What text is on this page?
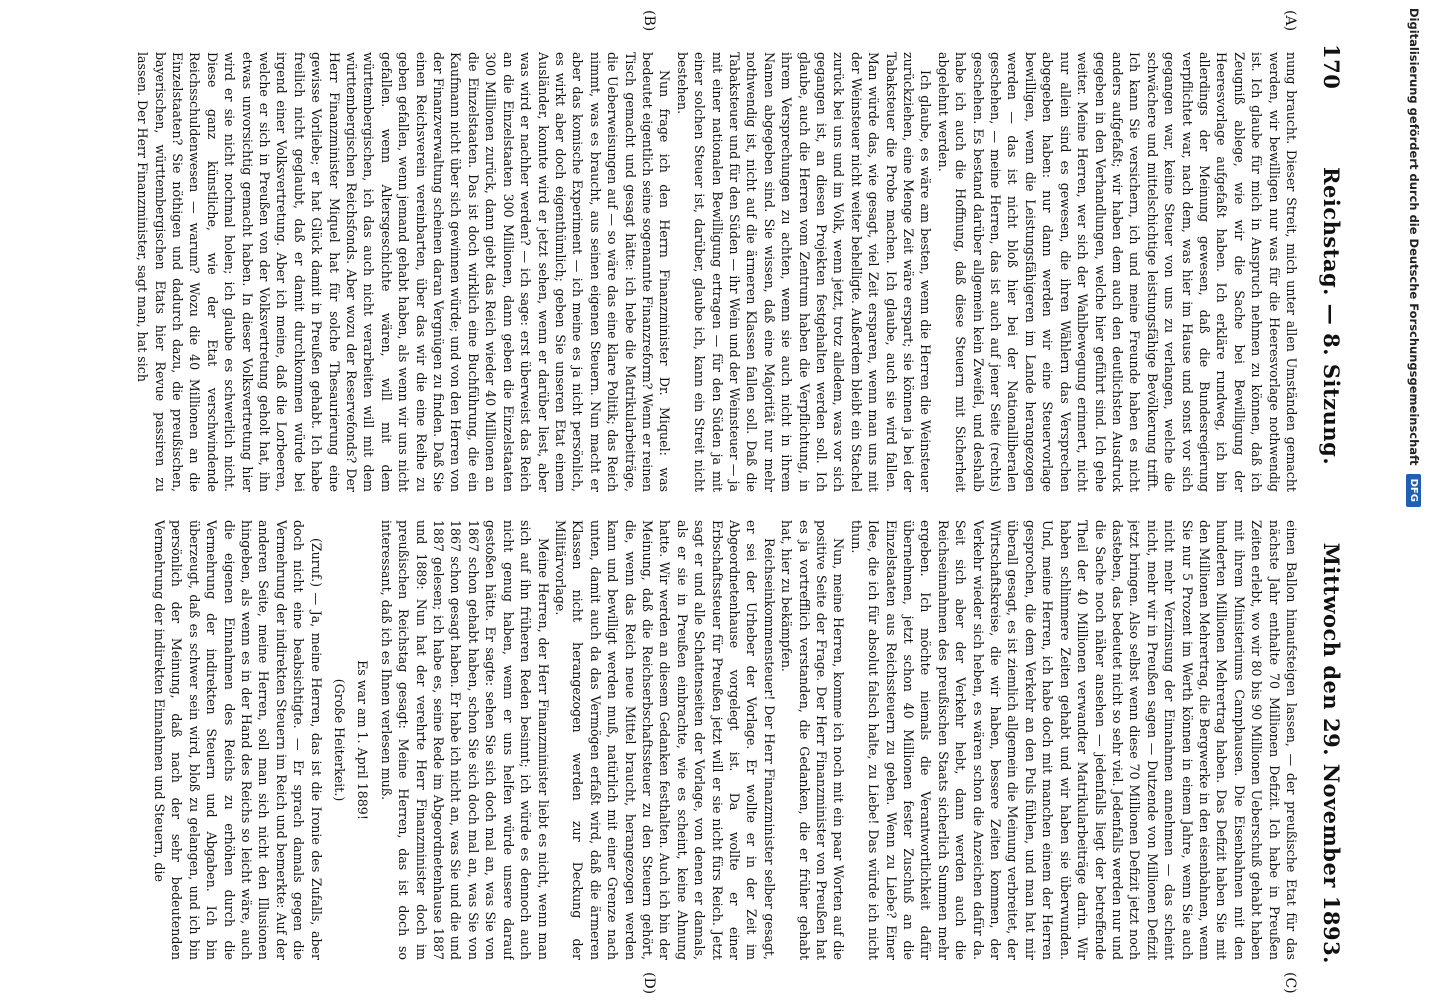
170
Reichstag. — 8. Sitzung.
Mittwoch den 29. November 1893.
(A)
(B)
(C)
(D)

nung braucht. Dieser Streit, mich unter allen Umständen gemacht werden, wir bewilligen nur was für die Heeresvorlage nothwendig ist. Ich glaube für mich in Anspruch nehmen zu können, daß ich Zeugniß ablege, wie wir die Sache bei Bewilligung der Heeresvorlage aufgefaßt haben. Ich erkläre rundweg, ich bin allerdings der Meinung gewesen, daß die Bundesregierung verpflichtet war, nach dem, was hier im Hause und sonst vor sich gegangen war, keine Steuer von uns zu verlangen, welche die schwächere und mittelschichtige leistungsfähige Bevölkerung trifft. Ich kann Sie versichern, ich und meine Freunde haben es nicht anders aufgefaßt; wir haben dem auch den deutlichsten Ausdruck gegeben in den Verhandlungen, welche hier geführt sind. Ich gehe weiter. Meine Herren, wer sich der Wahlbewegung erinnert, nicht nur allein sind es gewesen, die ihren Wählern das Versprechen abgegeben haben: nur dann werden wir eine Steuervorlage bewilligen, wenn die Leistungsfähigeren im Lande herangezogen werden — das ist nicht bloß hier bei der Nationalliberalen geschehen, — meine Herren, das ist auch auf jener Seite (rechts) geschehen. Es bestand darüber allgemein kein Zweifel, und deshalb habe ich auch die Hoffnung, daß diese Steuern mit Sicherheit abgelehnt werden.

Ich glaube, es wäre am besten, wenn die Herren die Weinsteuer zurückziehen, eine Menge Zeit wäre erspart; sie können ja bei der Tabaksteuer die Probe machen. Ich glaube, auch sie wird fallen. Man würde das, wie gesagt, viel Zeit ersparen, wenn man uns mit der Weinsteuer nicht weiter behelligte. Außerdem bleibt ein Stachel zurück bei uns und im Volk, wenn jetzt, trotz alledem, was vor sich gegangen ist, an diesen Projekten festgehalten werden soll. Ich glaube, auch die Herren vom Zentrum haben die Verpflichtung, in ihrem Versprechungen zu achten, wenn sie auch nicht in ihrem Namen abgegeben sind. Sie wissen, daß eine Majorität nur mehr nothwendig ist, nicht auf die ärmeren Klassen fallen soll. Daß die Tabaksteuer und für den Süden — ihr Wein und der Weinsteuer — ja mit einer nationalen Bewilligung ertragen — für den Süden ja mit einer solchen Steuer ist, darüber, glaube ich, kann ein Streit nicht bestehen.

Nun frage ich den Herrn Finanzminister Dr. Miquel: was bedeutet eigentlich seine sogenannte Finanzreform? Wenn er reinen Tisch gemacht und gesagt hätte: ich hebe die Matrikularbeiträge, die Ueberweisungen auf — so wäre das eine klare Politik; das Reich nimmt, was es braucht, aus seinen eigenen Steuern. Nun macht er aber das komische Experiment — ich meine es ja nicht persönlich, es wirkt aber doch eigenthümlich; geben Sie unseren Etat einem Ausländer, konnte wird er jetzt sehen, wenn er darüber liest, aber was wird er nachher werden? — ich sage: erst überweist das Reich an die Einzelstaaten 300 Millionen, dann geben die Einzelstaaten 300 Millionen zurück, dann giebt das Reich wieder 40 Millionen an die Einzelstaaten. Das ist doch wirklich eine Buchführung, die ein Kaufmann nicht über sich gewinnen würde; und von den Herren von der Finanzverwaltung scheinen daran Vergnügen zu finden. Daß Sie einen Reichsverein vereinbarten, über das wir die eine Reihe zu geben gefallen, wenn jemand gehabt haben, als wenn wir uns nicht gefallen. wenn Altersgeschichte wären, will mit dem württembergischen, ich das auch nicht verarbeiten will mit dem württembergischen Reichsfonds. Aber wozu der Reservefonds? Der Herr Finanzminister Miquel hat für solche Thesaurierung eine gewisse Vorliebe; er hat Glück damit in Preußen gehabt. Ich habe freilich nicht geglaubt, daß er damit durchkommen würde bei irgend einer Volksvertretung. Aber ich meine, daß die Lorbeeren, welche er sich in Preußen von der Volksvertretung geholt hat, ihn etwas unvorsichtig gemacht haben. In dieser Volksvertretung hier wird er sie nicht nochmal holen; ich glaube es schwerlich nicht. Diese ganz künstliche, wie der Etat verschwindende Reichsschuldenwesen — warum? Wozu die 40 Millionen an die Einzelstaaten? Sie nöthigen und dadurch dazu, die preußischen, bayerischen, württembergischen Etats hier Revue passiren zu lassen. Der Herr Finanzminister, sagt man, hat sich

einen Ballon hinaufsteigen lassen, — der preußische Etat für das nächste Jahr enthalte 70 Millionen Defizit. Ich habe in Preußen Zeiten erlebt, wo wir 80 bis 90 Millionen Ueberschuß gehabt haben mit ihrem Ministeriums Camphausen. Die Eisenbahnen mit den hunderten Millionen Mehrertrag haben. Das Defizit haben Sie mit den Millionen Mehrertrag, die Bergwerke in den eisenbahnen, wenn Sie nur 5 Prozent im Werth können in einem Jahre, wenn Sie auch nicht mehr Verzinsung der Einnahmen annehmen — das scheint nicht, mehr wir in Preußen sagen — Dutzende von Millionen Defizit jetzt bringen. Also selbst wenn diese 70 Millionen Defizit jetzt noch dasteben, das bedeutet nicht so sehr viel. Jedenfalls werden nur und die Sache noch näher ansehen — jedenfalls liegt der betreffende Theil der 40 Millionen verwandter Matrikularbeiträge darin. Wir haben schlimmere Zeiten gehabt und wir haben sie überwunden. Und, meine Herren, ich habe doch mit manchen einem der Herren gesprochen, die dem Verkehr an den Puls fühlen, und man hat mir überall gesagt, es ist ziemlich allgemein die Meinung verbreitet, der Wirtschaftskreise, die wir haben, bessere Zeiten kommen, der Verkehr wieder sich heben, es wären schon die Anzeichen dafür da. Seit sich aber der Verkehr hebt, dann werden auch die Reichseinnahmen des preußischen Staats sicherlich Summen mehr ergeben. Ich möchte niemals die Verantwortlichkeit dafür übernehmen, jetzt schon 40 Millionen fester Zuschuß an die Einzelstaaten aus Reichssteuern zu geben. Wenn zu Liebe? Einer Idee, die ich für absolut falsch halte, zu Liebe! Das würde ich nicht thun.

Nun, meine Herren, komme ich noch mit ein paar Worten auf die positive Seite der Frage. Der Herr Finanzminister von Preußen hat es ja vortrefflich verstanden, die Gedanken, die er früher gehabt hat, hier zu bekämpfen.

Reichseinkommensteuer! Der Herr Finanzminister selber gesagt, er sei der Urheber der Vorlage. Er wollte er in der Zeit im Abgeordnetenhause vorgelegt ist. Da wollte er einer Erbschaftssteuer für Preußen jetzt will er sie nicht fürs Reich. Jetzt sagt er und alle Schattenseiten der Vorlage, von denen er damals, als er sie in Preußen einbrachte, wie es scheint, keine Ahnung hatte. Wir werden an diesem Gedanken festhalten. Auch ich bin der Meinung, daß die Reichserbschaftssteuer zu den Steuern gehört, die, wenn das Reich neue Mittel braucht, herangezogen werden kann und bewilligt werden muß, natürlich mit einer Grenze nach unten, damit auch da das Vermögen erfaßt wird, daß die ärmeren Klassen nicht herangezogen werden zur Deckung der Militärvorlage.

Meine Herren, der Herr Finanzminister liebt es nicht, wenn man sich auf ihn früheren Reden besinnt; ich würde es dennoch auch nicht genug haben, wenn er uns helfen würde unsere darauf gestoßen hätte. Er sagte: sehen Sie sich doch mal an, was Sie von 1867 schon gehabt haben, schon Sie sich doch mal an, was Sie von 1867 schon gesagt haben. Er habe ich nicht an, was Sie und die und 1887 gelesen; ich habe es, seine Rede im Abgeordnetenhause 1887 und 1889: Nun hat der verehrte Herr Finanzminister doch im preußischen Reichstag gesagt: Meine Herren, das ist doch so interessant, daß ich es Ihnen verlesen muß.

Es war am 1. April 1889!

(Große Heiterkeit.)

(Zuruf.) — Ja, meine Herren, das ist die Ironie des Zufalls, aber doch nicht eine beabsichtigte. — Er sprach damals gegen die Vermehrung der indirekten Steuern im Reich und bemerkte: Auf der anderen Seite, meine Herren, soll man sich nicht den Illusionen hingeben, als wenn es in der Hand des Reichs so leicht wäre, auch die eigenen Einnahmen des Reichs zu erhöhen durch die Vermehrung der indirekten Steuern und Abgaben. Ich bin überzeugt, daß es schwer sein wird, bloß zu gelangen, und ich bin persönlich der Meinung, daß nach der sehr bedeutenden Vermehrung der indirekten Einnahmen und Steuern, die

Digitalisierung gefördert durch die Deutsche Forschungsgemeinschaft
DFG
